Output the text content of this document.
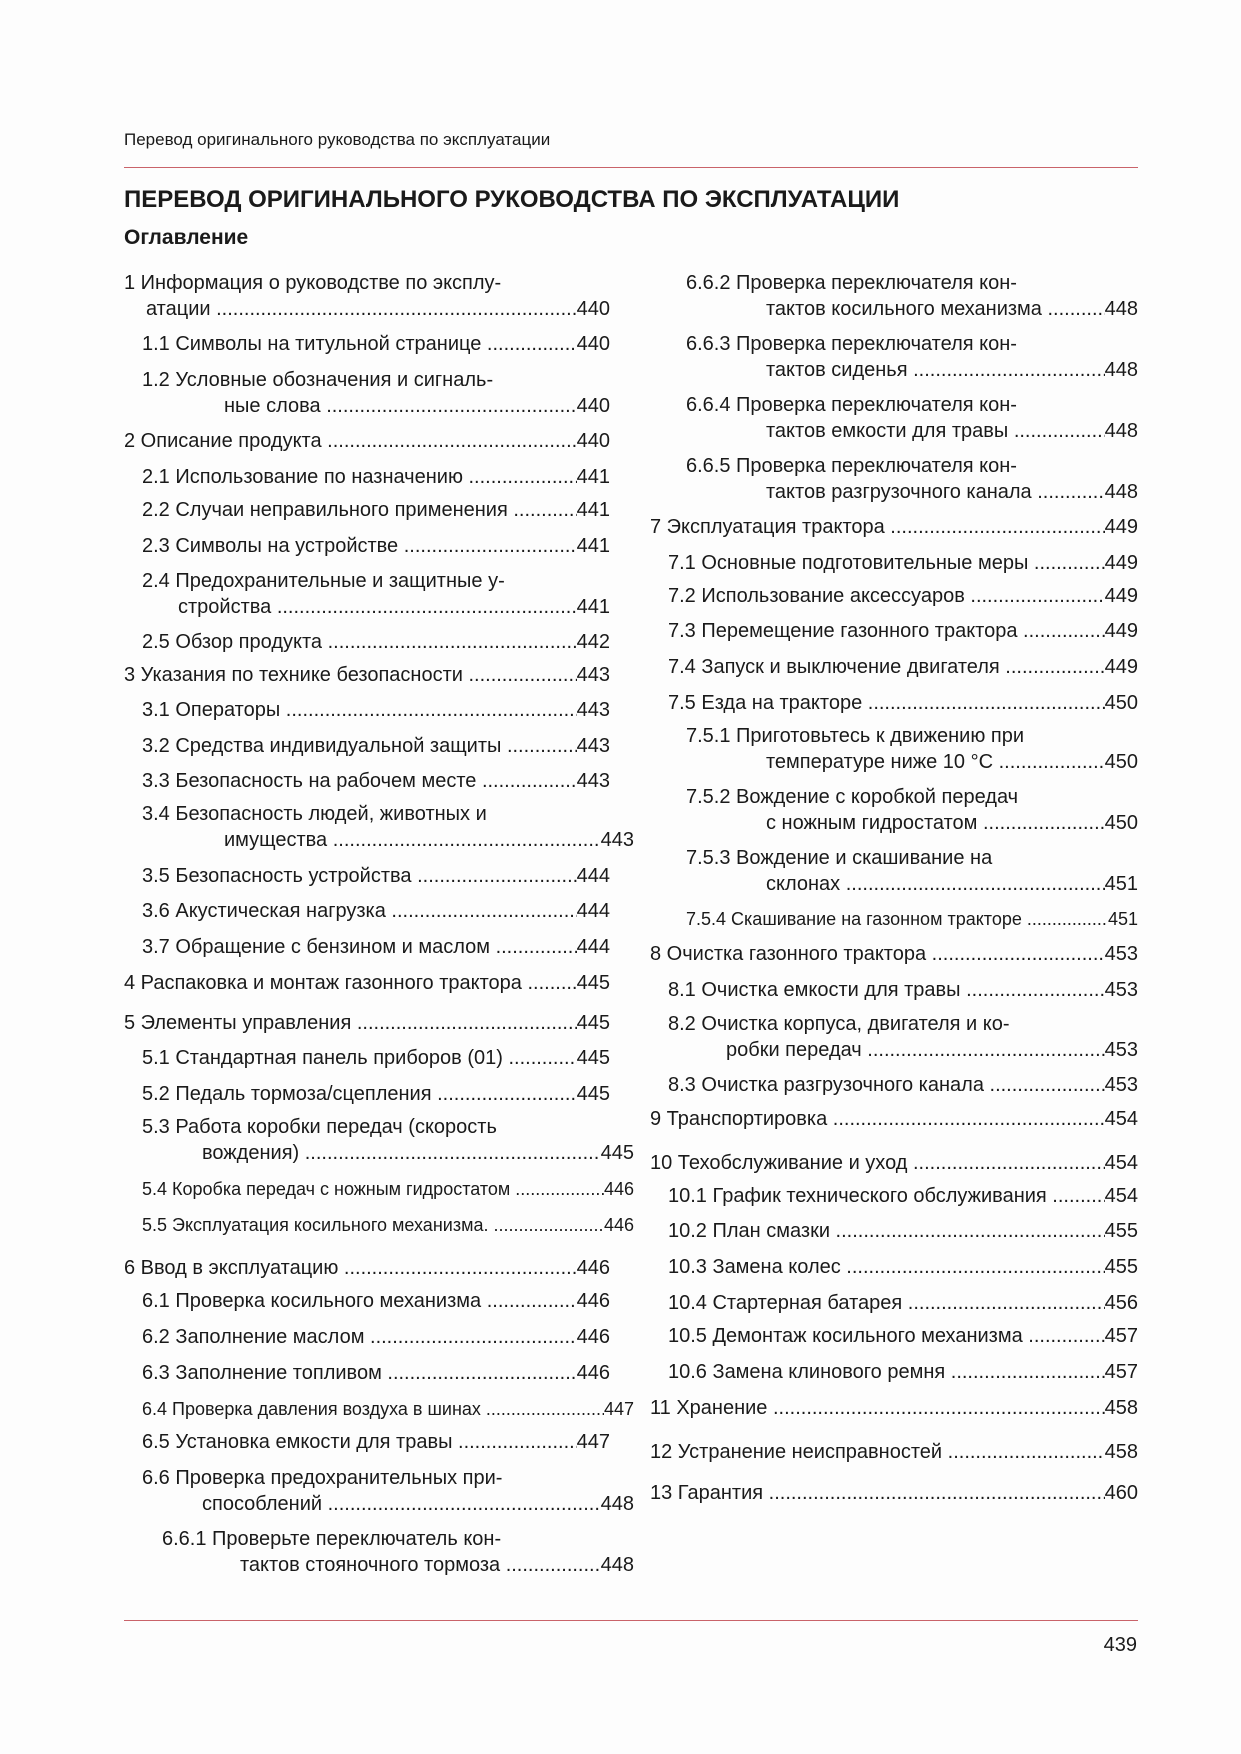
Перевод оригинального руководства по эксплуатации
ПЕРЕВОД ОРИГИНАЛЬНОГО РУКОВОДСТВА ПО ЭКСПЛУАТАЦИИ
Оглавление
1 Информация о руководстве по эксплу-
атации .....	440
1.1 Символы на титульной странице .....	440
1.2 Условные обозначения и сигналь-
ные слова .....	440
2 Описание продукта .....	440
2.1 Использование по назначению .....	441
2.2 Случаи неправильного применения .....	441
2.3 Символы на устройстве .....	441
2.4 Предохранительные и защитные у-
стройства .....	441
2.5 Обзор продукта .....	442
3 Указания по технике безопасности .....	443
3.1 Операторы .....	443
3.2 Средства индивидуальной защиты .....	443
3.3 Безопасность на рабочем месте .....	443
3.4 Безопасность людей, животных и
имущества .....	443
3.5 Безопасность устройства .....	444
3.6 Акустическая нагрузка .....	444
3.7 Обращение с бензином и маслом .....	444
4 Распаковка и монтаж газонного трактора .....	445
5 Элементы управления .....	445
5.1 Стандартная панель приборов (01) .....	445
5.2 Педаль тормоза/сцепления .....	445
5.3 Работа коробки передач (скорость
вождения) .....	445
5.4 Коробка передач с ножным гидростатом .....	446
5.5 Эксплуатация косильного механизма. .....	446
6 Ввод в эксплуатацию .....	446
6.1 Проверка косильного механизма .....	446
6.2 Заполнение маслом .....	446
6.3 Заполнение топливом .....	446
6.4 Проверка давления воздуха в шинах .....	447
6.5 Установка емкости для травы .....	447
6.6 Проверка предохранительных при-
способлений .....	448
6.6.1 Проверьте переключатель кон-
тактов стояночного тормоза .....	448
6.6.2 Проверка переключателя кон-
тактов косильного механизма .....	448
6.6.3 Проверка переключателя кон-
тактов сиденья .....	448
6.6.4 Проверка переключателя кон-
тактов емкости для травы .....	448
6.6.5 Проверка переключателя кон-
тактов разгрузочного канала .....	448
7 Эксплуатация трактора .....	449
7.1 Основные подготовительные меры .....	449
7.2 Использование аксессуаров .....	449
7.3 Перемещение газонного трактора .....	449
7.4 Запуск и выключение двигателя .....	449
7.5 Езда на тракторе .....	450
7.5.1 Приготовьтесь к движению при
температуре ниже 10 °C .....	450
7.5.2 Вождение с коробкой передач
с ножным гидростатом .....	450
7.5.3 Вождение и скашивание на
склонах .....	451
7.5.4 Скашивание на газонном тракторе .....	451
8 Очистка газонного трактора .....	453
8.1 Очистка емкости для травы .....	453
8.2 Очистка корпуса, двигателя и ко-
робки передач .....	453
8.3 Очистка разгрузочного канала .....	453
9 Транспортировка .....	454
10 Техобслуживание и уход .....	454
10.1 График технического обслуживания .....	454
10.2 План смазки .....	455
10.3 Замена колес .....	455
10.4 Стартерная батарея .....	456
10.5 Демонтаж косильного механизма .....	457
10.6 Замена клинового ремня .....	457
11 Хранение .....	458
12 Устранение неисправностей .....	458
13 Гарантия .....	460
439
